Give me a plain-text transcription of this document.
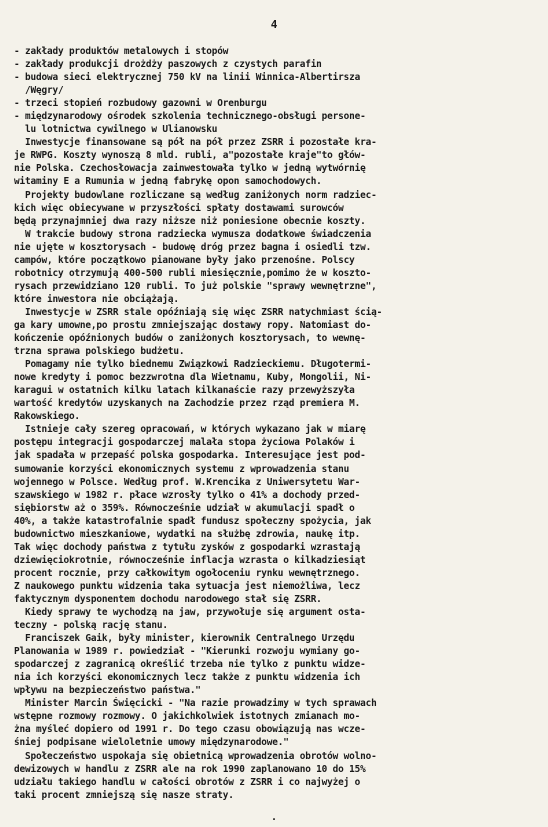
4
- zakłady produktów metalowych i stopów
- zakłady produkcji drożdży paszowych z czystych parafin
- budowa sieci elektrycznej 750 kV na linii Winnica-Albertirsza
/Węgry/
- trzeci stopień rozbudowy gazowni w Orenburgu
- międzynarodowy ośrodek szkolenia technicznego-obsługi persone-
lu lotnictwa cywilnego w Ulianowsku
Inwestycje finansowane są pół na pół przez ZSRR i pozostałe kra-
je RWPG. Koszty wynoszą 8 mld. rubli, a"pozostałe kraje"to głów-
nie Polska. Czechosłowacja zainwestowała tylko w jedną wytwórnię
witaminy E a Rumunia w jedną fabrykę opon samochodowych.
Projekty budowlane rozliczane są według zaniżonych norm radziec-
kich więc obiecywane w przyszłości spłaty dostawami surowców
będą przynajmniej dwa razy niższe niż poniesione obecnie koszty.
W trakcie budowy strona radziecka wymusza dodatkowe świadczenia
nie ujęte w kosztorysach - budowę dróg przez bagna i osiedli tzw.
campów, które początkowo pianowane były jako przenośne. Polscy
robotnicy otrzymują 400-500 rubli miesięcznie,pomimo że w koszto-
rysach przewidziano 120 rubli. To już polskie "sprawy wewnętrzne",
które inwestora nie obciążają.
Inwestycje w ZSRR stale opóźniają się więc ZSRR natychmiast ścią-
ga kary umowne,po prostu zmniejszając dostawy ropy. Natomiast do-
kończenie opóźnionych budów o zaniżonych kosztorysach, to wewnę-
trzna sprawa polskiego budżetu.
Pomagamy nie tylko biednemu Związkowi Radzieckiemu. Długotermi-
nowe kredyty i pomoc bezzwrotna dla Wietnamu, Kuby, Mongolii, Ni-
karagui w ostatnich kilku latach kilkanaście razy przewyższyła
wartość kredytów uzyskanych na Zachodzie przez rząd premiera M.
Rakowskiego.
Istnieje cały szereg opracowań, w których wykazano jak w miarę
postępu integracji gospodarczej malała stopa życiowa Polaków i
jak spadała w przepaść polska gospodarka. Interesujące jest pod-
sumowanie korzyści ekonomicznych systemu z wprowadzenia stanu
wojennego w Polsce. Według prof. W.Krencika z Uniwersytetu War-
szawskiego w 1982 r. płace wzrosły tylko o 41% a dochody przed-
siębiorstw aż o 359%. Równocześnie udział w akumulacji spadł o
40%, a także katastrofalnie spadł fundusz społeczny spożycia, jak
budownictwo mieszkaniowe, wydatki na służbę zdrowia, naukę itp.
Tak więc dochody państwa z tytułu zysków z gospodarki wzrastają
dziewięciokrotnie, równocześnie inflacja wzrasta o kilkadziesiąt
procent rocznie, przy całkowitym ogołoceniu rynku wewnętrznego.
Z naukowego punktu widzenia taka sytuacja jest niemożliwa, lecz
faktycznym dysponentem dochodu narodowego stał się ZSRR.
Kiedy sprawy te wychodzą na jaw, przywołuje się argument osta-
teczny - polską rację stanu.
Franciszek Gaik, były minister, kierownik Centralnego Urzędu
Planowania w 1989 r. powiedział - "Kierunki rozwoju wymiany go-
spodarczej z zagranicą określić trzeba nie tylko z punktu widze-
nia ich korzyści ekonomicznych lecz także z punktu widzenia ich
wpływu na bezpieczeństwo państwa."
Minister Marcin Święcicki - "Na razie prowadzimy w tych sprawach
wstępne rozmowy rozmowy. O jakichkolwiek istotnych zmianach mo-
żna myśleć dopiero od 1991 r. Do tego czasu obowiązują nas wcze-
śniej podpisane wieloletnie umowy międzynarodowe."
Społeczeństwo uspokaja się obietnicą wprowadzenia obrotów wolno-
dewizowych w handlu z ZSRR ale na rok 1990 zaplanowano 10 do 15%
udziału takiego handlu w całości obrotów z ZSRR i co najwyżej o
taki procent zmniejszą się nasze straty.
.
